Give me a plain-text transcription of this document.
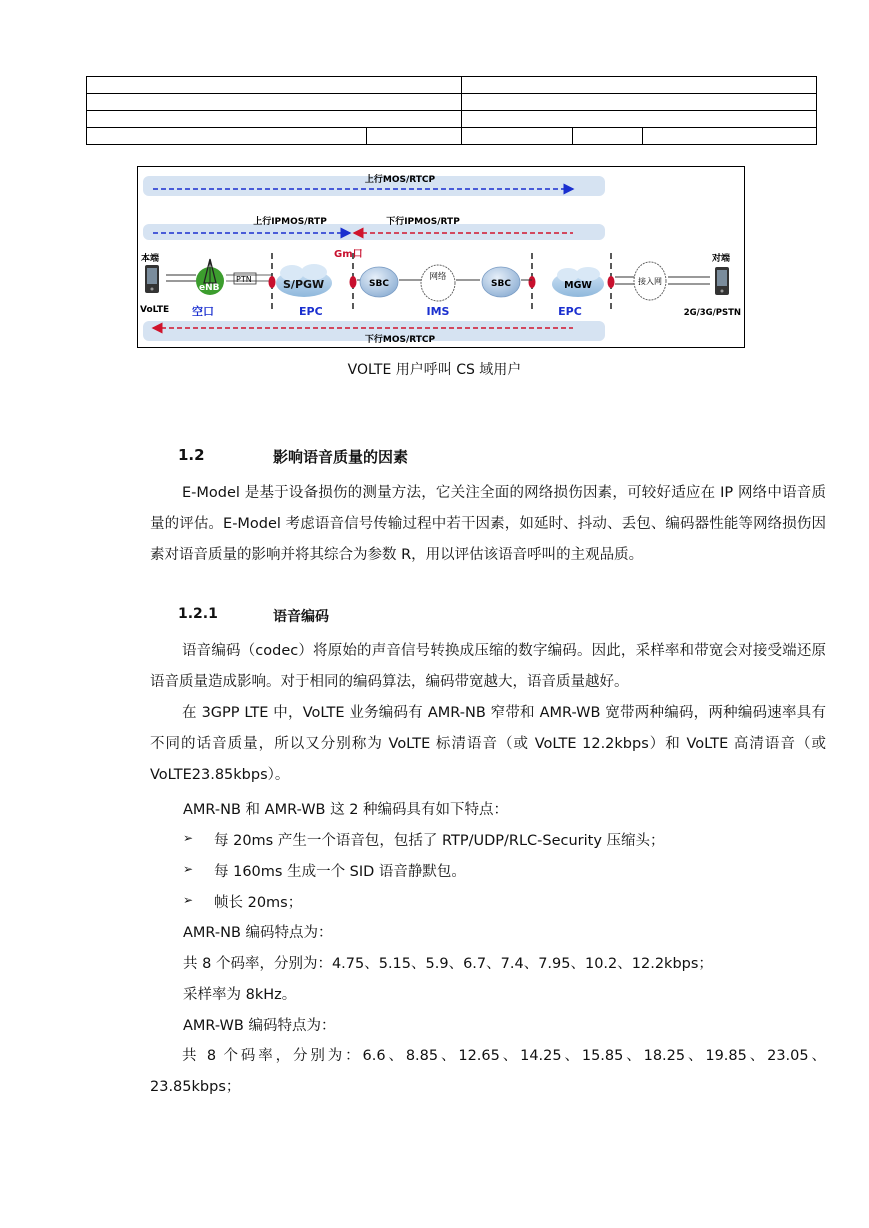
上行MOS/RTCP
上行IPMOS/RTP	下行IPMOS/RTP
Gm口
本端
VoLTE
eNB
空口
PTN	S/PGW
EPC
SBC
网络
IMS
SBC	MGW
EPC
接入网
对端
2G/3G/PSTN
下行MOS/RTCP
VOLTE 用户呼叫 CS 域用户
1.2	影响语音质量的因素

E-Model 是基于设备损伤的测量方法，它关注全面的网络损伤因素，可较好适应在 IP 网络中语音质量的评估。E-Model 考虑语音信号传输过程中若干因素，如延时、抖动、丢包、编码器性能等网络损伤因素对语音质量的影响并将其综合为参数 R，用以评估该语音呼叫的主观品质。

1.2.1	语音编码

语音编码（codec）将原始的声音信号转换成压缩的数字编码。因此，采样率和带宽会对接受端还原语音质量造成影响。对于相同的编码算法，编码带宽越大，语音质量越好。

在 3GPP LTE 中，VoLTE 业务编码有 AMR-NB 窄带和 AMR-WB 宽带两种编码，两种编码速率具有不同的话音质量，所以又分别称为 VoLTE 标清语音（或 VoLTE 12.2kbps）和 VoLTE 高清语音（或 VoLTE23.85kbps）。

AMR-NB 和 AMR-WB 这 2 种编码具有如下特点：
➢ 每 20ms 产生一个语音包，包括了 RTP/UDP/RLC-Security 压缩头；
➢ 每 160ms 生成一个 SID 语音静默包。
➢ 帧长 20ms；
AMR-NB 编码特点为：
共 8 个码率，分别为：4.75、5.15、5.9、6.7、7.4、7.95、10.2、12.2kbps；
采样率为 8kHz。
AMR-WB 编码特点为：

共 8 个码率，分别为：6.6、8.85、12.65、14.25、15.85、18.25、19.85、23.05、23.85kbps；
